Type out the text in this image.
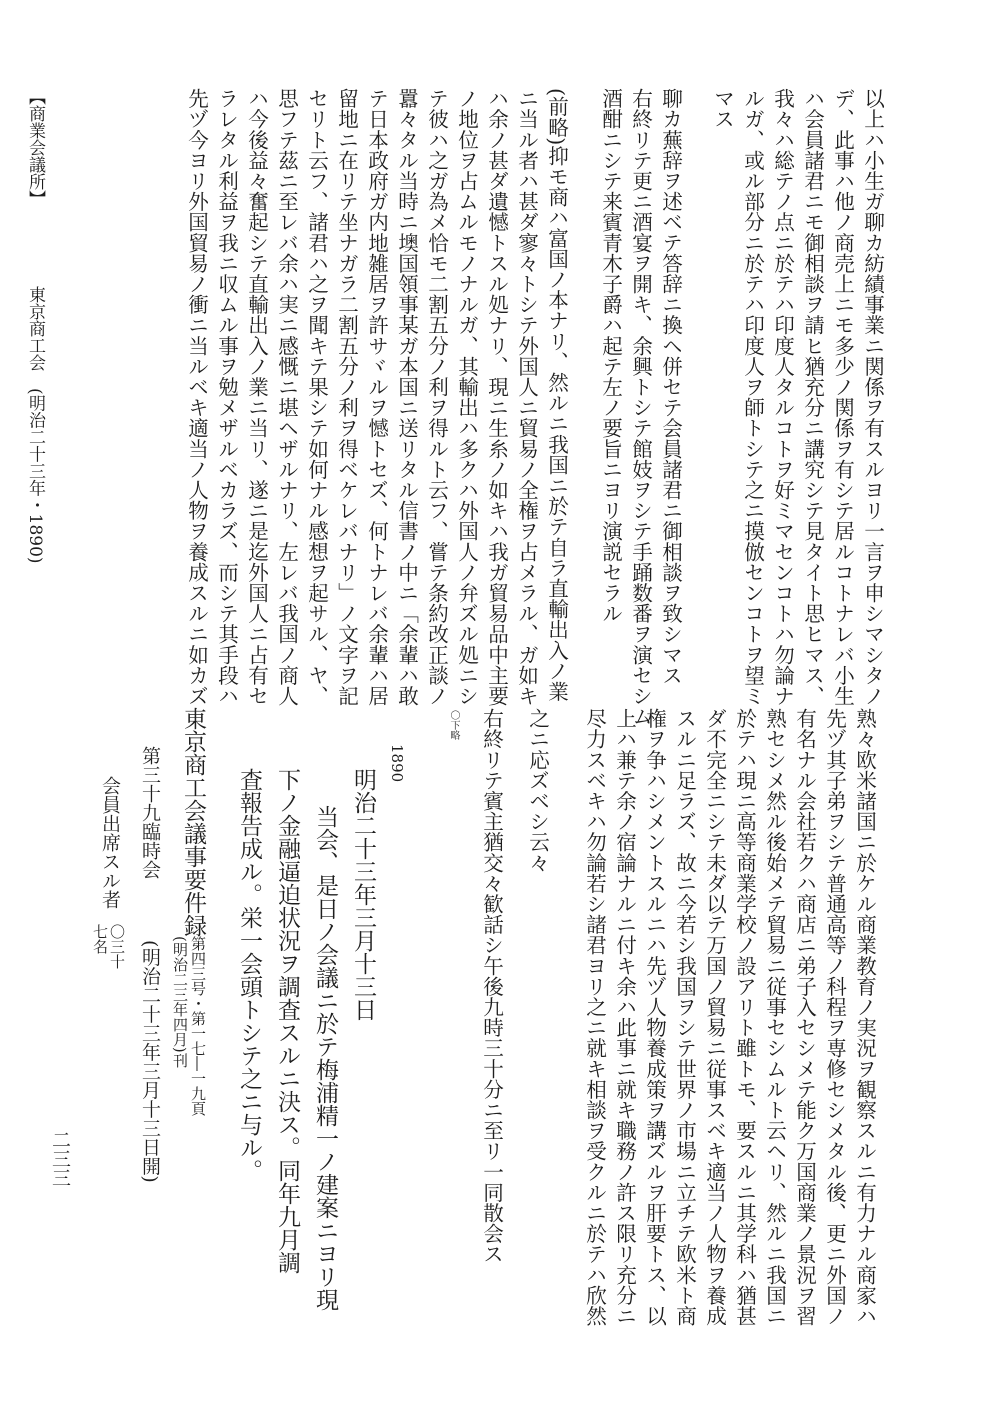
【商業会議所】
東京商工会　(明治二十三年・1890)	以上ハ小生ガ聊カ紡績事業ニ関係ヲ有スルヨリ一言ヲ申シマシタノ
デ、此事ハ他ノ商売上ニモ多少ノ関係ヲ有シテ居ルコトナレバ小生
ハ会員諸君ニモ御相談ヲ請ヒ猶充分ニ講究シテ見タイト思ヒマス、
我々ハ総テノ点ニ於テハ印度人タルコトヲ好ミマセンコトハ勿論ナ
ルガ、或ル部分ニ於テハ印度人ヲ師トシテ之ニ摸倣センコトヲ望ミ
マス
聊カ蕪辞ヲ述ベテ答辞ニ換ヘ併セテ会員諸君ニ御相談ヲ致シマス
右終リテ更ニ酒宴ヲ開キ、余興トシテ館妓ヲシテ手踊数番ヲ演セシム
酒酣ニシテ来賓青木子爵ハ起テ左ノ要旨ニヨリ演説セラル
(前略)抑モ商ハ富国ノ本ナリ、然ルニ我国ニ於テ自ラ直輸出入ノ業
ニ当ル者ハ甚ダ寥々トシテ外国人ニ貿易ノ全権ヲ占メラル、ガ如キ
ハ余ノ甚ダ遺憾トスル処ナリ、現ニ生糸ノ如キハ我ガ貿易品中主要
ノ地位ヲ占ムルモノナルガ、其輸出ハ多クハ外国人ノ弁ズル処ニシ
テ彼ハ之ガ為メ恰モ二割五分ノ利ヲ得ルト云フ、嘗テ条約改正談ノ
囂々タル当時ニ墺国領事某ガ本国ニ送リタル信書ノ中ニ「余輩ハ敢
テ日本政府ガ内地雑居ヲ許サヾルヲ憾トセズ、何トナレバ余輩ハ居
留地ニ在リテ坐ナガラ二割五分ノ利ヲ得ベケレバナリ」ノ文字ヲ記
セリト云フ、諸君ハ之ヲ聞キテ果シテ如何ナル感想ヲ起サル、ヤ、
思フテ茲ニ至レバ余ハ実ニ感慨ニ堪ヘザルナリ、左レバ我国ノ商人
ハ今後益々奮起シテ直輸出入ノ業ニ当リ、遂ニ是迄外国人ニ占有セ
ラレタル利益ヲ我ニ収ムル事ヲ勉メザルベカラズ、而シテ其手段ハ
先ヅ今ヨリ外国貿易ノ衝ニ当ルベキ適当ノ人物ヲ養成スルニ如カズ
熟々欧米諸国ニ於ケル商業教育ノ実況ヲ観察スルニ有力ナル商家ハ
先ヅ其子弟ヲシテ普通高等ノ科程ヲ専修セシメタル後、更ニ外国ノ
有名ナル会社若クハ商店ニ弟子入セシメテ能ク万国商業ノ景況ヲ習
熟セシメ然ル後始メテ貿易ニ従事セシムルト云ヘリ、然ルニ我国ニ
於テハ現ニ高等商業学校ノ設アリト雖トモ、要スルニ其学科ハ猶甚
ダ不完全ニシテ未ダ以テ万国ノ貿易ニ従事スベキ適当ノ人物ヲ養成
スルニ足ラズ、故ニ今若シ我国ヲシテ世界ノ市場ニ立チテ欧米ト商
権ヲ争ハシメントスルニハ先ヅ人物養成策ヲ講ズルヲ肝要トス、以
上ハ兼テ余ノ宿論ナルニ付キ余ハ此事ニ就キ職務ノ許ス限リ充分ニ
尽力スベキハ勿論若シ諸君ヨリ之ニ就キ相談ヲ受クルニ於テハ欣然
之ニ応ズベシ云々
〇下略 右終リテ賓主猶交々歓話シ午後九時三十分ニ至リ一同散会ス
1890
明治二十三年三月十三日
当会、是日ノ会議ニ於テ梅浦精一ノ建案ニヨリ現
下ノ金融逼迫状況ヲ調査スルニ決ス。同年九月調
査報告成ル。栄一会頭トシテ之ニ与ル。
東京商工会議事要件録
第四三号・第一七―一九頁
(明治二三年四月)刊
第三十九臨時会
(明治二十三年三月十三日開)
会員出席スル者
〇三十
七名
二三三
